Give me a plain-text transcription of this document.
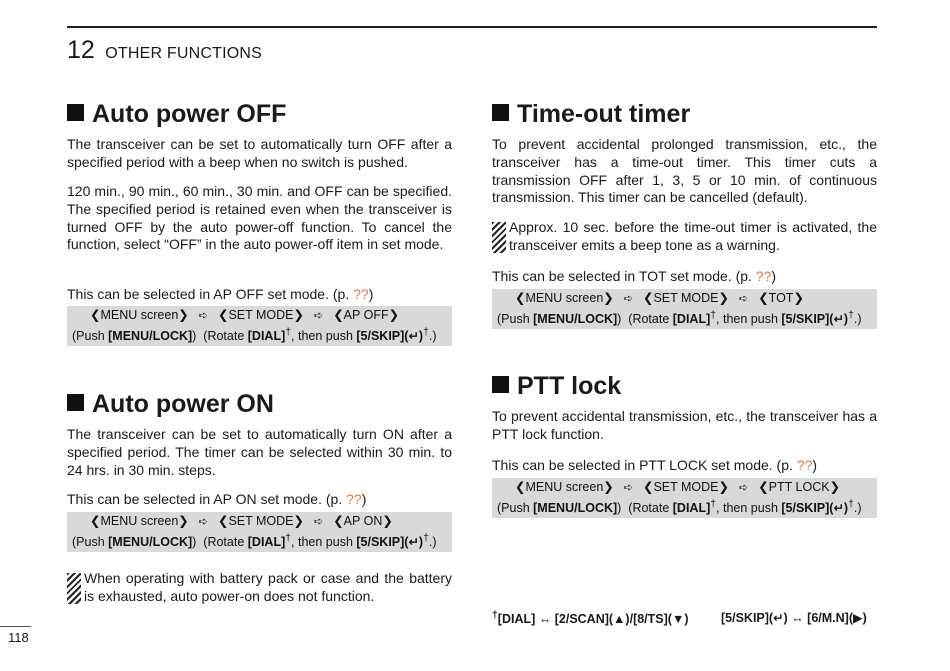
12 OTHER FUNCTIONS
Auto power OFF

The transceiver can be set to automatically turn OFF after a specified period with a beep when no switch is pushed.

120 min., 90 min., 60 min., 30 min. and OFF can be specified. The specified period is retained even when the transceiver is turned OFF by the auto power-off function. To cancel the function, select “OFF” in the auto power-off item in set mode.

This can be selected in AP OFF set mode. (p. ??)

❮MENU screen❯ ➪ ❮SET MODE❯ ➪ ❮AP OFF❯
(Push [MENU/LOCK]) (Rotate [DIAL]†, then push [5/SKIP](↵)†.)
Auto power ON

The transceiver can be set to automatically turn ON after a specified period. The timer can be selected within 30 min. to 24 hrs. in 30 min. steps.

This can be selected in AP ON set mode. (p. ??)

❮MENU screen❯ ➪ ❮SET MODE❯ ➪ ❮AP ON❯
(Push [MENU/LOCK]) (Rotate [DIAL]†, then push [5/SKIP](↵)†.)
When operating with battery pack or case and the battery is exhausted, auto power-on does not function.
Time-out timer

To prevent accidental prolonged transmission, etc., the transceiver has a time-out timer. This timer cuts a transmission OFF after 1, 3, 5 or 10 min. of continuous transmission. This timer can be cancelled (default).

Approx. 10 sec. before the time-out timer is activated, the transceiver emits a beep tone as a warning.

This can be selected in TOT set mode. (p. ??)

❮MENU screen❯ ➪ ❮SET MODE❯ ➪ ❮TOT❯
(Push [MENU/LOCK]) (Rotate [DIAL]†, then push [5/SKIP](↵)†.)
PTT lock

To prevent accidental transmission, etc., the transceiver has a PTT lock function.

This can be selected in PTT LOCK set mode. (p. ??)

❮MENU screen❯ ➪ ❮SET MODE❯ ➪ ❮PTT LOCK❯
(Push [MENU/LOCK]) (Rotate [DIAL]†, then push [5/SKIP](↵)†.)
†[DIAL] ↔ [2/SCAN](▲)/[8/TS](▼)	[5/SKIP](↵) ↔ [6/M.N](▶)
118
